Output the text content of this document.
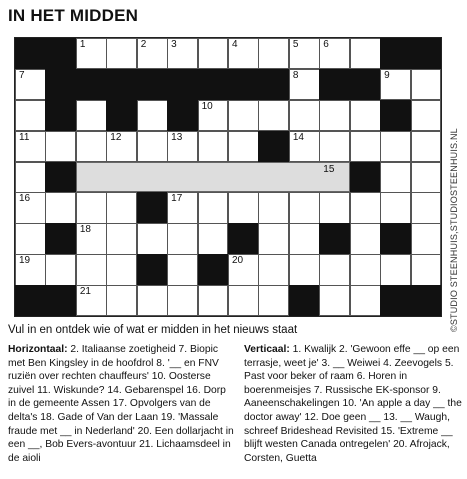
IN HET MIDDEN
1	2 3	4	5 6
7	8	9
10
11	12	13	14
16	17
18
19	20
21
15	©STUDIO STEENHUIS,STUDIOSTEENHUIS.NL
Vul in en ontdek wie of wat er midden in het nieuws staat
Horizontaal: 2. Italiaanse zoetigheid 7. Biopic met Ben Kingsley in de hoofdrol 8. '__ en FNV ruziën over rechten chauffeurs' 10. Oosterse zuivel 11. Wiskunde? 14. Gebarenspel 16. Dorp in de gemeente Assen 17. Opvolgers van de delta's 18. Gade of Van der Laan 19. 'Massale fraude met __ in Nederland' 20. Een dollarjacht in een __, Bob Evers-avontuur 21. Lichaamsdeel in de aioli
Verticaal: 1. Kwalijk 2. 'Gewoon effe __ op een terrasje, weet je' 3. __ Weiwei 4. Zeevogels 5. Past voor beker of raam 6. Horen in boerenmeisjes 7. Russische EK-sponsor 9. Aaneenschakelingen 10. 'An apple a day __ the doctor away' 12. Doe geen __ 13. __ Waugh, schreef Brideshead Revisited 15. 'Extreme __ blijft westen Canada ontregelen' 20. Afrojack, Corsten, Guetta
